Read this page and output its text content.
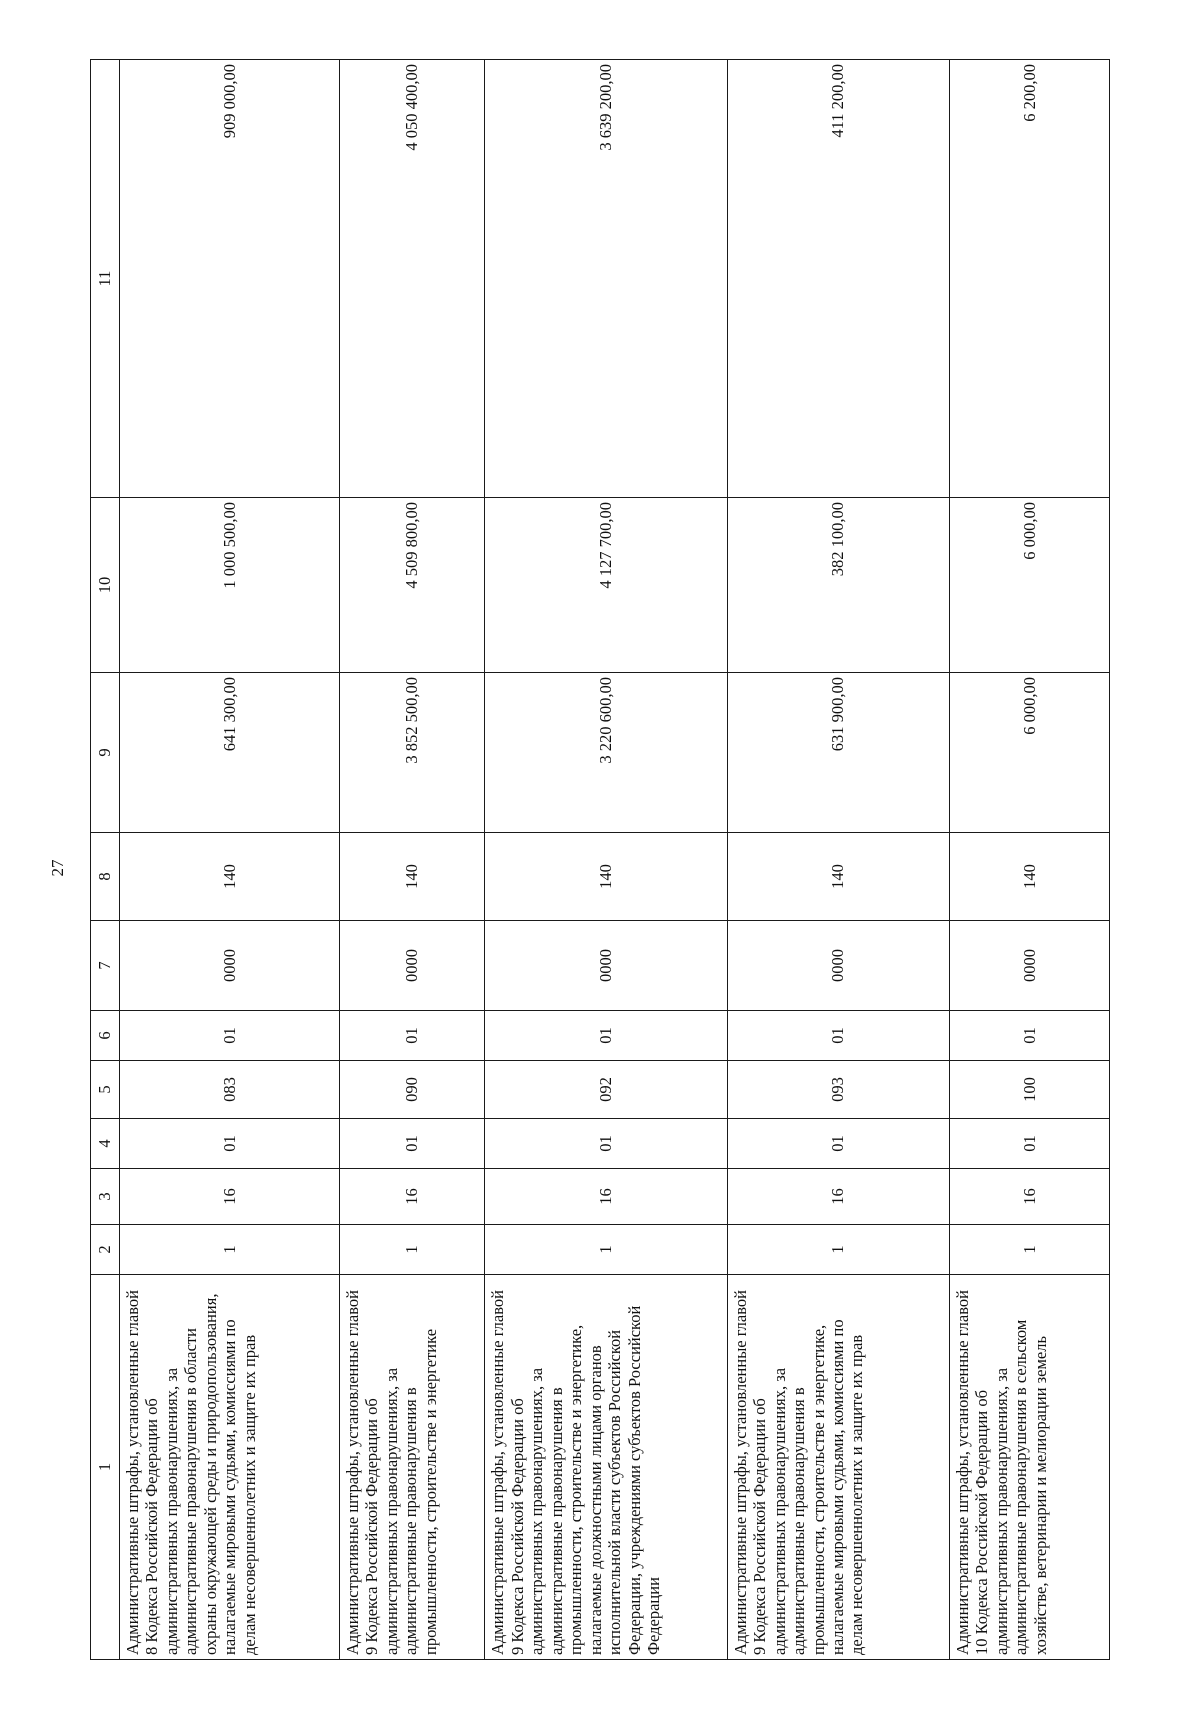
27
1	2	3	4	5	6	7	8	9	10	11
Административные штрафы, установленные главой 8 Кодекса Российской Федерации об административных правонарушениях, за административные правонарушения в области охраны окружающей среды и природопользования, налагаемые мировыми судьями, комиссиями по делам несовершеннолетних и защите их прав	1	16	01	083	01	0000	140	641 300,00	1 000 500,00	909 000,00
Административные штрафы, установленные главой 9 Кодекса Российской Федерации об административных правонарушениях, за административные правонарушения в промышленности, строительстве и энергетике	1	16	01	090	01	0000	140	3 852 500,00	4 509 800,00	4 050 400,00
Административные штрафы, установленные главой 9 Кодекса Российской Федерации об административных правонарушениях, за административные правонарушения в промышленности, строительстве и энергетике, налагаемые должностными лицами органов исполнительной власти субъектов Российской Федерации, учреждениями субъектов Российской Федерации	1	16	01	092	01	0000	140	3 220 600,00	4 127 700,00	3 639 200,00
Административные штрафы, установленные главой 9 Кодекса Российской Федерации об административных правонарушениях, за административные правонарушения в промышленности, строительстве и энергетике, налагаемые мировыми судьями, комиссиями по делам несовершеннолетних и защите их прав	1	16	01	093	01	0000	140	631 900,00	382 100,00	411 200,00
Административные штрафы, установленные главой 10 Кодекса Российской Федерации об административных правонарушениях, за административные правонарушения в сельском хозяйстве, ветеринарии и мелиорации земель	1	16	01	100	01	0000	140	6 000,00	6 000,00	6 200,00
